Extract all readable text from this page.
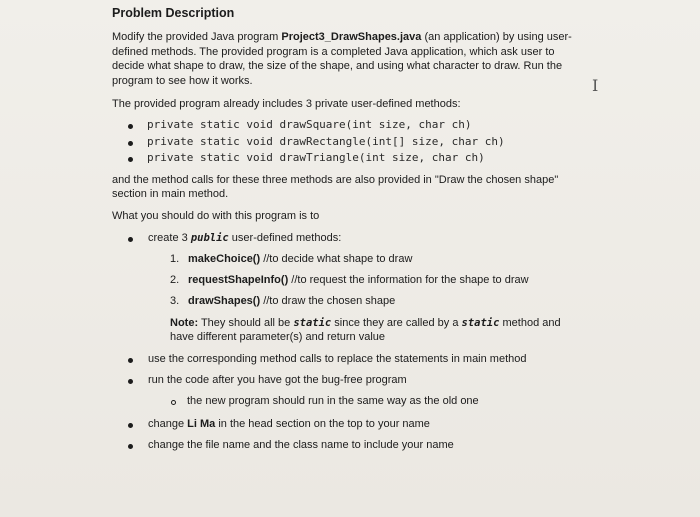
Problem Description
Modify the provided Java program Project3_DrawShapes.java (an application) by using user-
defined methods. The provided program is a completed Java application, which ask user to
decide what shape to draw, the size of the shape, and using what character to draw. Run the
program to see how it works.	I
The provided program already includes 3 private user-defined methods:
private static void drawSquare(int size, char ch)
private static void drawRectangle(int[] size, char ch)
private static void drawTriangle(int size, char ch)
and the method calls for these three methods are also provided in "Draw the chosen shape"
section in main method.
What you should do with this program is to
create 3 public user-defined methods:
1. makeChoice() //to decide what shape to draw
2. requestShapeInfo() //to request the information for the shape to draw
3. drawShapes() //to draw the chosen shape
Note: They should all be static since they are called by a static method and
have different parameter(s) and return value
use the corresponding method calls to replace the statements in main method
run the code after you have got the bug-free program
the new program should run in the same way as the old one
change Li Ma in the head section on the top to your name
change the file name and the class name to include your name
